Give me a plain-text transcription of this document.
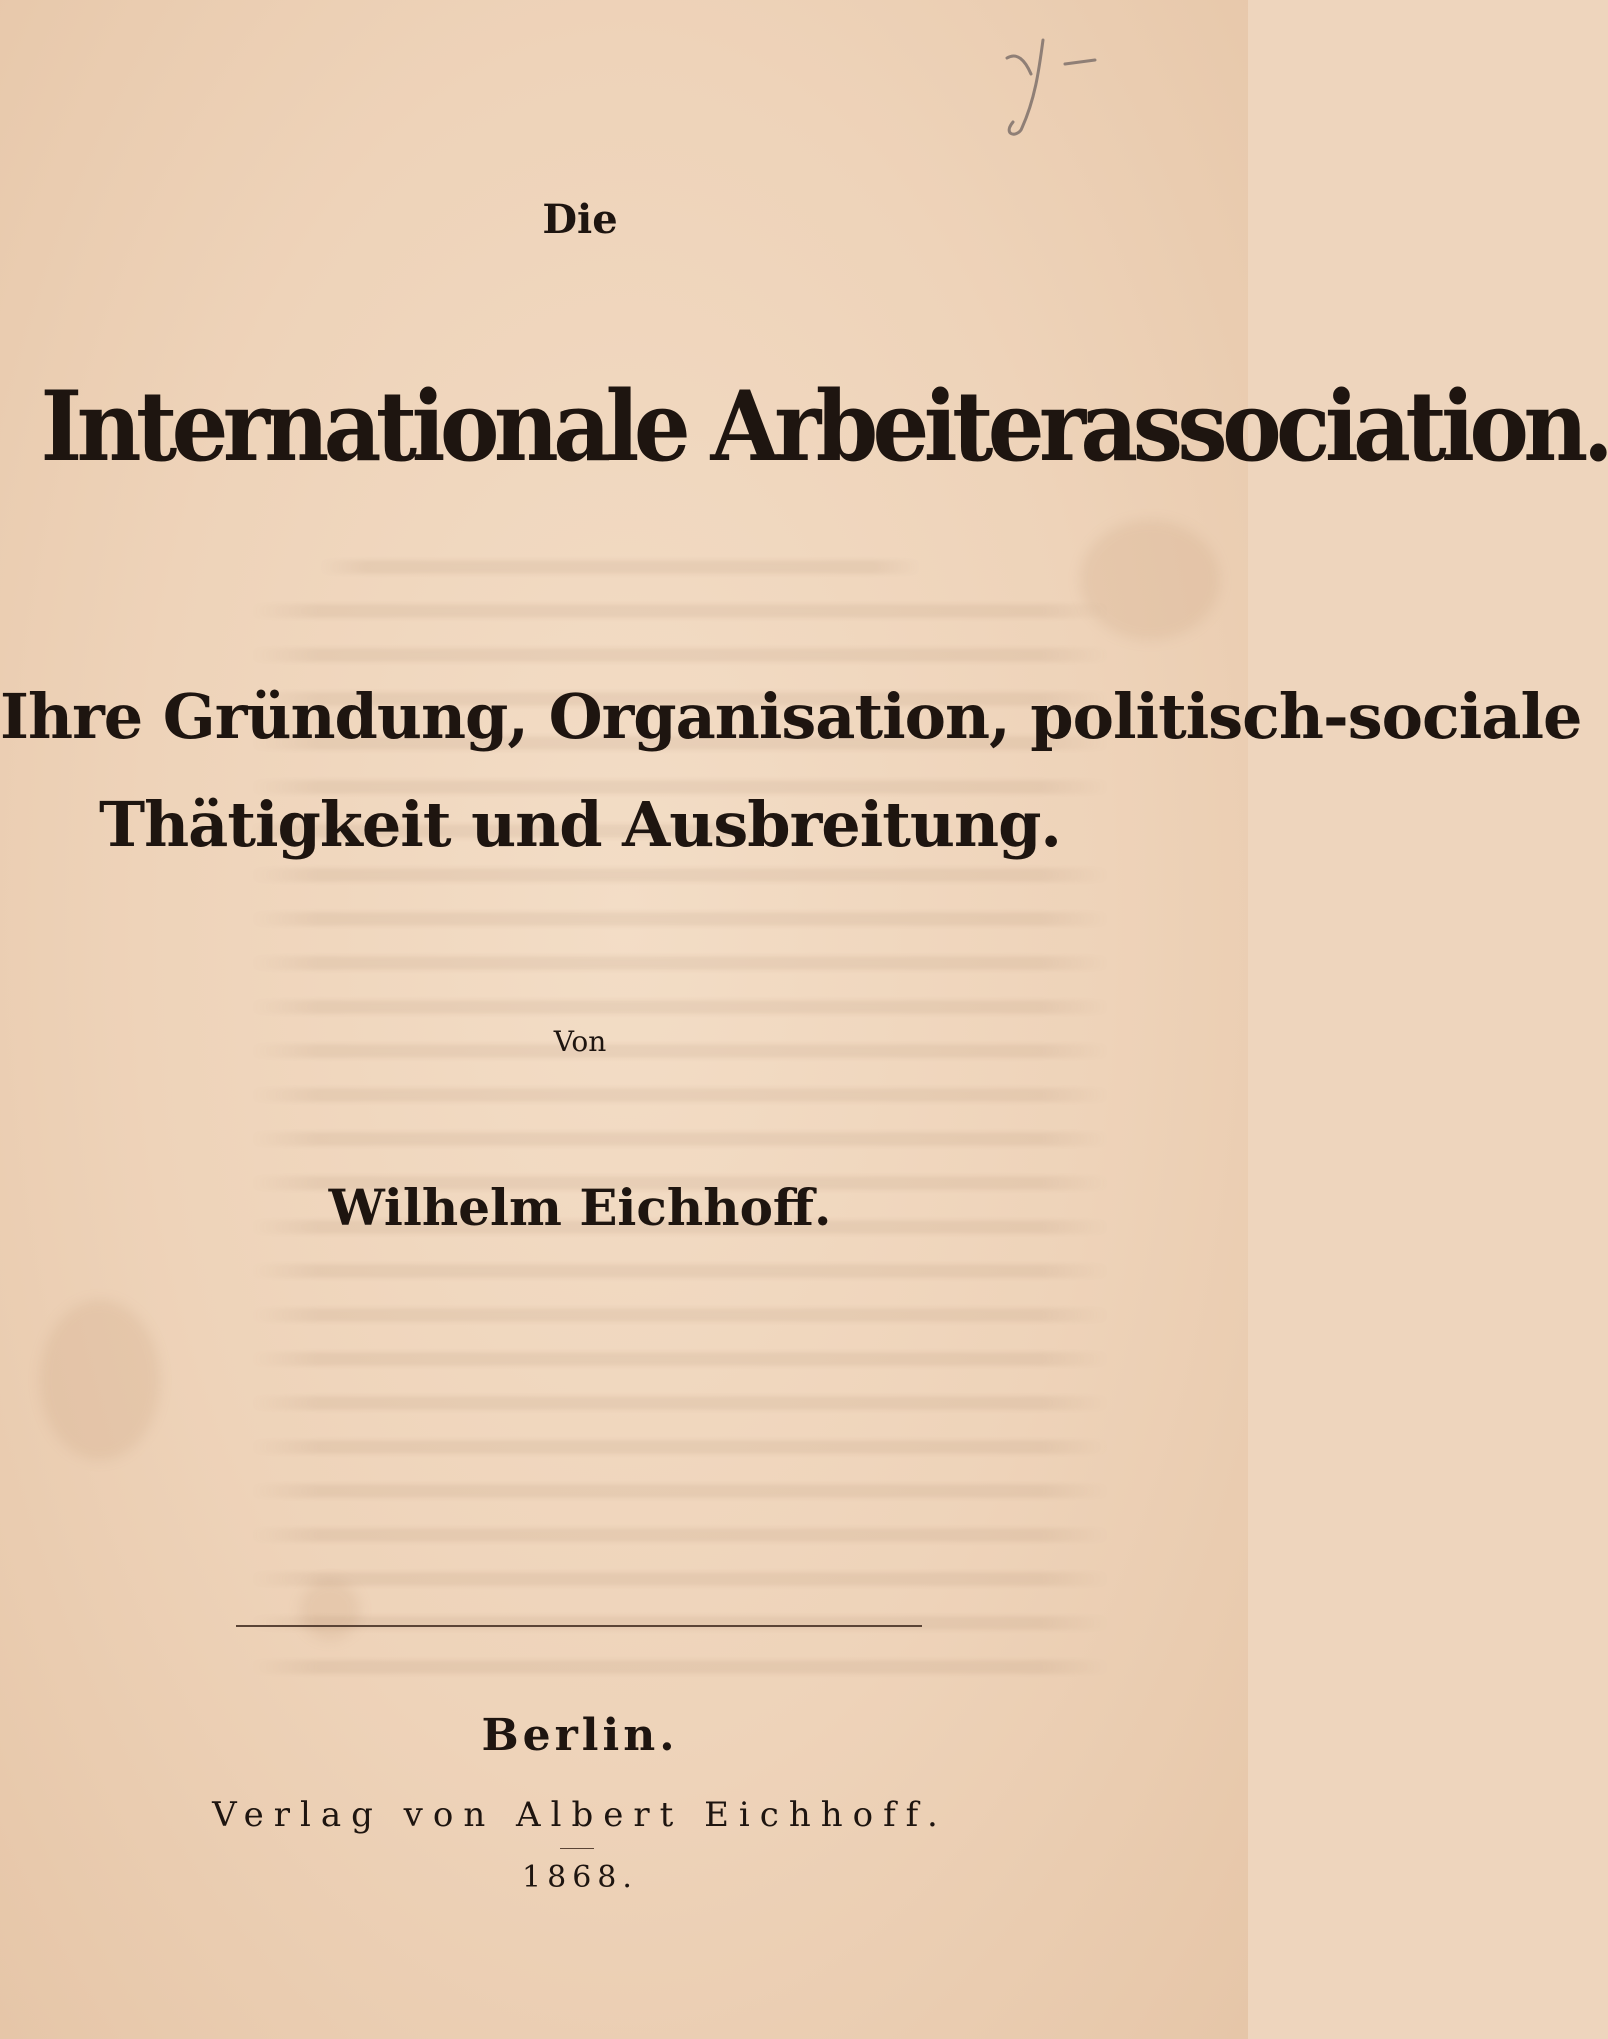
Y-
Die
Internationale Arbeiterassociation.
Ihre Gründung, Organisation, politisch-sociale
Thätigkeit und Ausbreitung.
Von
Wilhelm Eichhoff.
Berlin.
Verlag von Albert Eichhoff.
1868.
